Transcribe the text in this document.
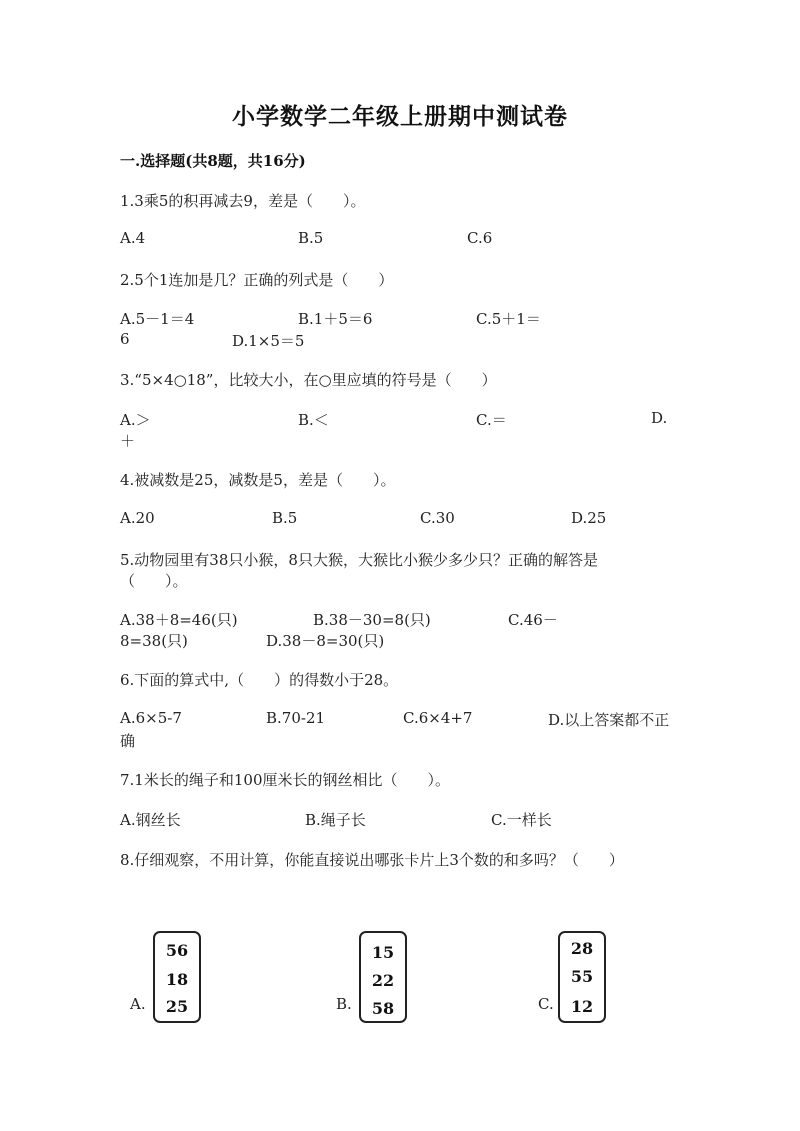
小学数学二年级上册期中测试卷
一.选择题(共8题，共16分)
1.3乘5的积再减去9，差是（　　）。
A.4	B.5	C.6
2.5个1连加是几？正确的列式是（　　）
A.5－1＝4	B.1＋5＝6	C.5＋1＝
6	D.1×5＝5
3.“5×4○18”，比较大小，在○里应填的符号是（　　）
A.＞	B.＜	C.＝	D.
＋
4.被减数是25，减数是5，差是（　　）。
A.20	B.5	C.30	D.25
5.动物园里有38只小猴，8只大猴，大猴比小猴少多少只？正确的解答是
（　　）。
A.38＋8=46(只)	B.38－30=8(只)	C.46－
8=38(只)	D.38－8=30(只)
6.下面的算式中,（　　）的得数小于28。
A.6×5-7	B.70-21	C.6×4+7	D.以上答案都不正
确
7.1米长的绳子和100厘米长的钢丝相比（　　）。
A.钢丝长	B.绳子长	C.一样长
8.仔细观察，不用计算，你能直接说出哪张卡片上3个数的和多吗？（　　）
A.
56
18
25	B.
15
22
58	C.
28
55
12
